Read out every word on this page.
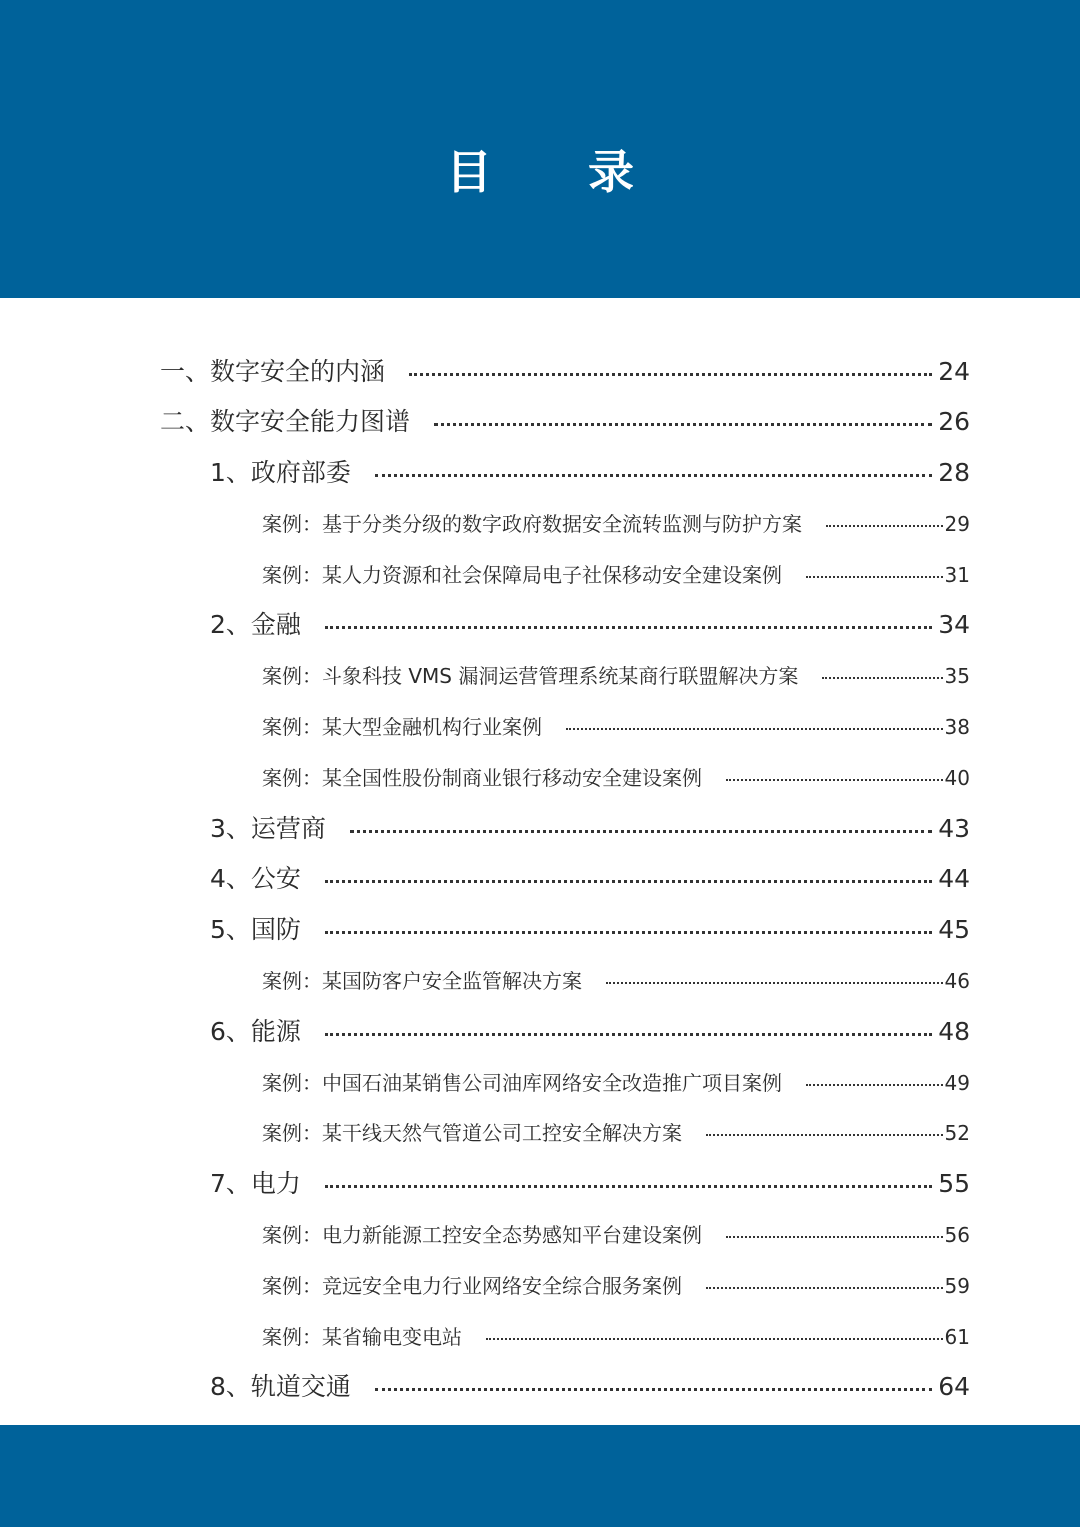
目 录
一、数字安全的内涵	24
二、数字安全能力图谱	26
1、政府部委	28
案例：基于分类分级的数字政府数据安全流转监测与防护方案	29
案例：某人力资源和社会保障局电子社保移动安全建设案例	31
2、金融	34
案例：斗象科技 VMS 漏洞运营管理系统某商行联盟解决方案	35
案例：某大型金融机构行业案例	38
案例：某全国性股份制商业银行移动安全建设案例	40
3、运营商	43
4、公安	44
5、国防	45
案例：某国防客户安全监管解决方案	46
6、能源	48
案例：中国石油某销售公司油库网络安全改造推广项目案例	49
案例：某干线天然气管道公司工控安全解决方案	52
7、电力	55
案例：电力新能源工控安全态势感知平台建设案例	56
案例：竞远安全电力行业网络安全综合服务案例	59
案例：某省输电变电站	61
8、轨道交通	64
